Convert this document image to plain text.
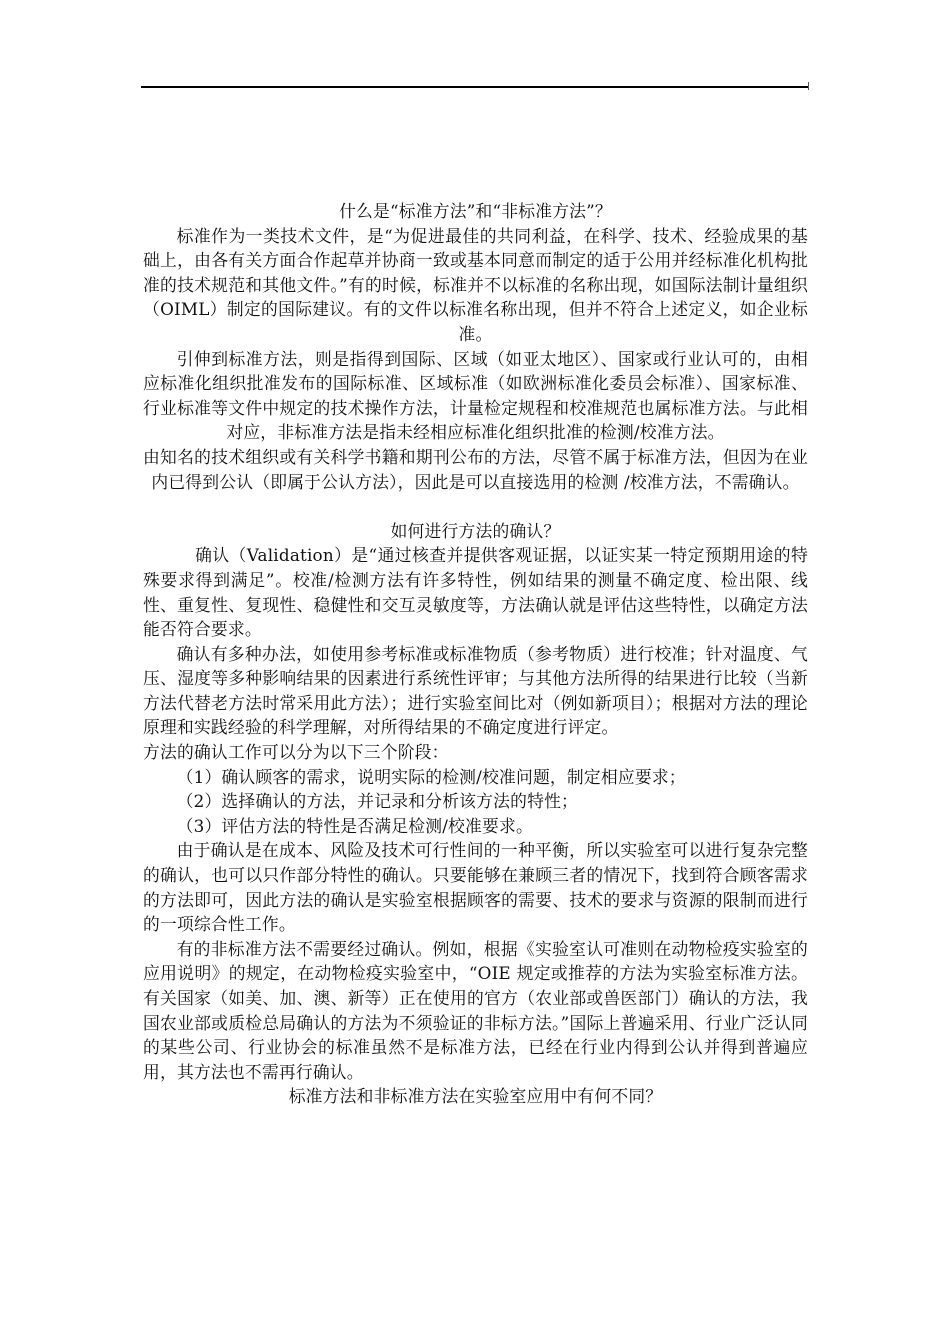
什么是“标准方法”和“非标准方法”？

标准作为一类技术文件，是“为促进最佳的共同利益，在科学、技术、经验成果的基础上，由各有关方面合作起草并协商一致或基本同意而制定的适于公用并经标准化机构批准的技术规范和其他文件。”有的时候，标准并不以标准的名称出现，如国际法制计量组织（OIML）制定的国际建议。有的文件以标准名称出现，但并不符合上述定义，如企业标准。

引伸到标准方法，则是指得到国际、区域（如亚太地区）、国家或行业认可的，由相应标准化组织批准发布的国际标准、区域标准（如欧洲标准化委员会标准）、国家标准、行业标准等文件中规定的技术操作方法，计量检定规程和校准规范也属标准方法。与此相对应，非标准方法是指未经相应标准化组织批准的检测/校准方法。

由知名的技术组织或有关科学书籍和期刊公布的方法，尽管不属于标准方法，但因为在业内已得到公认（即属于公认方法），因此是可以直接选用的检测 /校准方法，不需确认。

如何进行方法的确认？

确认（Validation）是“通过核查并提供客观证据，以证实某一特定预期用途的特殊要求得到满足”。校准/检测方法有许多特性，例如结果的测量不确定度、检出限、线性、重复性、复现性、稳健性和交互灵敏度等，方法确认就是评估这些特性，以确定方法能否符合要求。

确认有多种办法，如使用参考标准或标准物质（参考物质）进行校准；针对温度、气压、湿度等多种影响结果的因素进行系统性评审；与其他方法所得的结果进行比较（当新方法代替老方法时常采用此方法）；进行实验室间比对（例如新项目）；根据对方法的理论原理和实践经验的科学理解，对所得结果的不确定度进行评定。

方法的确认工作可以分为以下三个阶段：

（1）确认顾客的需求，说明实际的检测/校准问题，制定相应要求；

（2）选择确认的方法，并记录和分析该方法的特性；

（3）评估方法的特性是否满足检测/校准要求。

由于确认是在成本、风险及技术可行性间的一种平衡，所以实验室可以进行复杂完整的确认，也可以只作部分特性的确认。只要能够在兼顾三者的情况下，找到符合顾客需求的方法即可，因此方法的确认是实验室根据顾客的需要、技术的要求与资源的限制而进行的一项综合性工作。

有的非标准方法不需要经过确认。例如，根据《实验室认可准则在动物检疫实验室的应用说明》的规定，在动物检疫实验室中，“OIE 规定或推荐的方法为实验室标准方法。有关国家（如美、加、澳、新等）正在使用的官方（农业部或兽医部门）确认的方法，我国农业部或质检总局确认的方法为不须验证的非标方法。”国际上普遍采用、行业广泛认同的某些公司、行业协会的标准虽然不是标准方法，已经在行业内得到公认并得到普遍应用，其方法也不需再行确认。

标准方法和非标准方法在实验室应用中有何不同？
